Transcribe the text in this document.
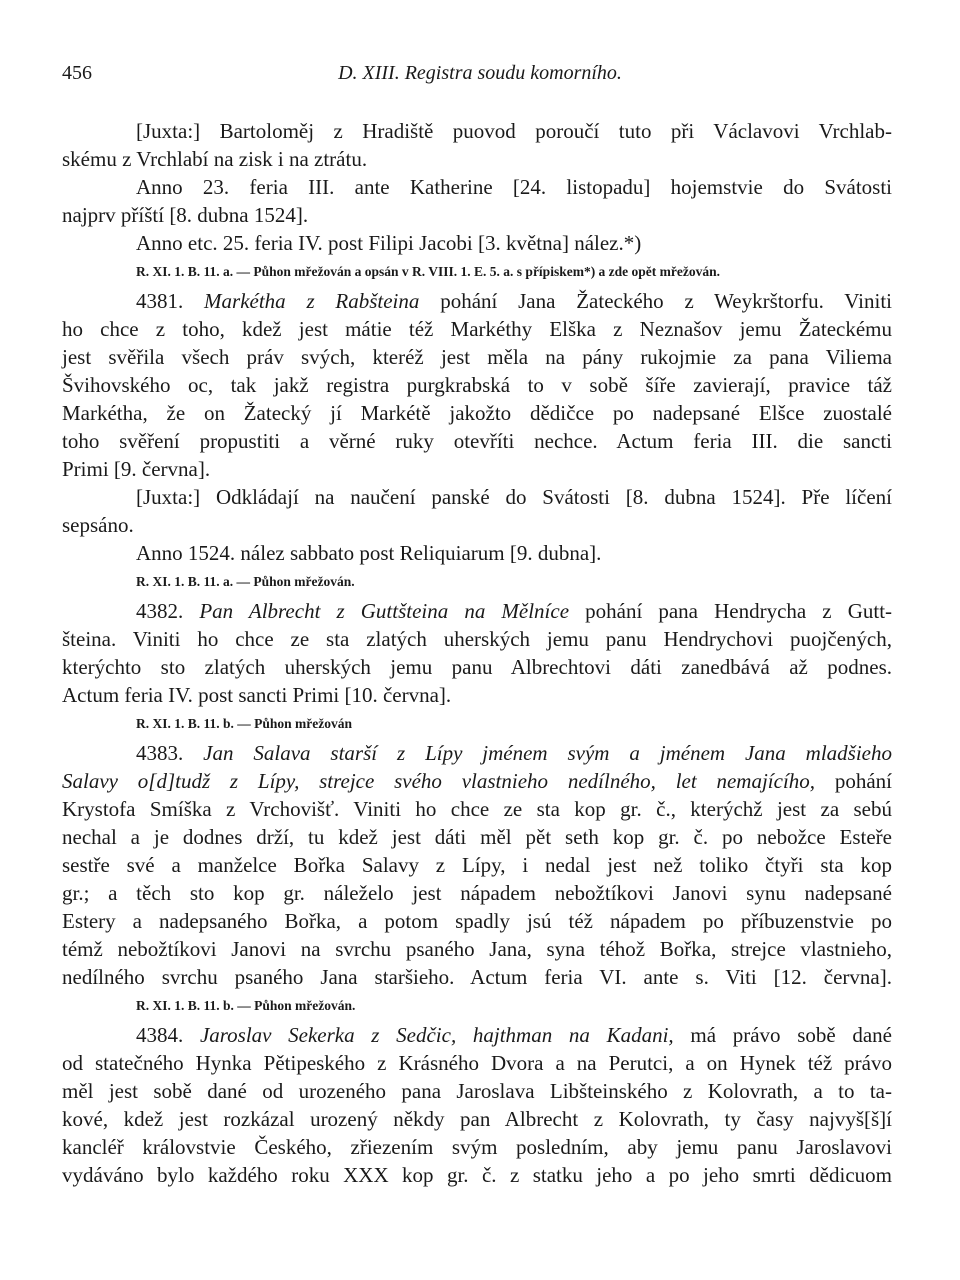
456	D. XIII. Registra soudu komorního.
[Juxta:] Bartoloměj z Hradiště puovod poroučí tuto při Václavovi Vrchlab-
skému z Vrchlabí na zisk i na ztrátu.
Anno 23. feria III. ante Katherine [24. listopadu] hojemstvie do Svátosti
najprv příští [8. dubna 1524].
Anno etc. 25. feria IV. post Filipi Jacobi [3. května] nález.*)
R. XI. 1. B. 11. a. — Půhon mřežován a opsán v R. VIII. 1. E. 5. a. s přípiskem*) a zde opět mřežován.
4381. Markétha z Rabšteina pohání Jana Žateckého z Weykrštorfu. Viniti
ho chce z toho, kdež jest mátie též Markéthy Elška z Neznašov jemu Žateckému
jest svěřila všech práv svých, kteréž jest měla na pány rukojmie za pana Viliema
Švihovského oc, tak jakž registra purgkrabská to v sobě šíře zavierají, pravice táž
Markétha, že on Žatecký jí Markétě jakožto dědičce po nadepsané Elšce zuostalé
toho svěření propustiti a věrné ruky otevříti nechce. Actum feria III. die sancti
Primi [9. června].
[Juxta:] Odkládají na naučení panské do Svátosti [8. dubna 1524]. Pře líčení
sepsáno.
Anno 1524. nález sabbato post Reliquiarum [9. dubna].
R. XI. 1. B. 11. a. — Půhon mřežován.
4382. Pan Albrecht z Guttšteina na Mělníce pohání pana Hendrycha z Gutt-
šteina. Viniti ho chce ze sta zlatých uherských jemu panu Hendrychovi puojčených,
kterýchto sto zlatých uherských jemu panu Albrechtovi dáti zanedbává až podnes.
Actum feria IV. post sancti Primi [10. června].
R. XI. 1. B. 11. b. — Půhon mřežován
4383. Jan Salava starší z Lípy jménem svým a jménem Jana mladšieho
Salavy o[d]tudž z Lípy, strejce svého vlastnieho nedílného, let nemajícího, pohání
Krystofa Smíška z Vrchovišť. Viniti ho chce ze sta kop gr. č., kterýchž jest za sebú
nechal a je dodnes drží, tu kdež jest dáti měl pět seth kop gr. č. po nebožce Esteře
sestře své a manželce Bořka Salavy z Lípy, i nedal jest než toliko čtyři sta kop
gr.; a těch sto kop gr. náleželo jest nápadem nebožtíkovi Janovi synu nadepsané
Estery a nadepsaného Bořka, a potom spadly jsú též nápadem po příbuzenstvie po
témž nebožtíkovi Janovi na svrchu psaného Jana, syna téhož Bořka, strejce vlastnieho,
nedílného svrchu psaného Jana staršieho. Actum feria VI. ante s. Viti [12. června].
R. XI. 1. B. 11. b. — Půhon mřežován.
4384. Jaroslav Sekerka z Sedčic, hajthman na Kadani, má právo sobě dané
od statečného Hynka Pětipeského z Krásného Dvora a na Perutci, a on Hynek též právo
měl jest sobě dané od urozeného pana Jaroslava Libšteinského z Kolovrath, a to ta-
kové, kdež jest rozkázal urozený někdy pan Albrecht z Kolovrath, ty časy najvyš[š]í
kancléř královstvie Českého, zřiezením svým posledním, aby jemu panu Jaroslavovi
vydáváno bylo každého roku XXX kop gr. č. z statku jeho a po jeho smrti dědicuom
